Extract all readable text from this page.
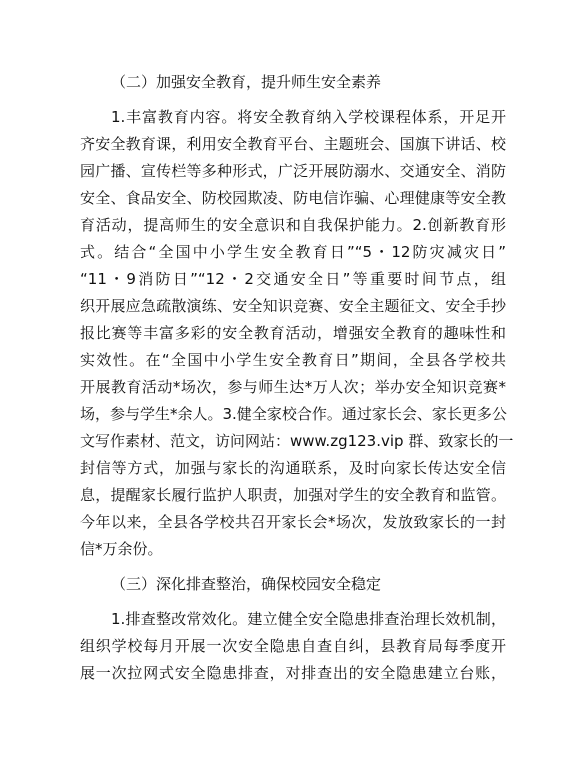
（二）加强安全教育，提升师生安全素养
1.丰富教育内容。将安全教育纳入学校课程体系，开足开
齐安全教育课，利用安全教育平台、主题班会、国旗下讲话、校
园广播、宣传栏等多种形式，广泛开展防溺水、交通安全、消防
安全、食品安全、防校园欺凌、防电信诈骗、心理健康等安全教
育活动，提高师生的安全意识和自我保护能力。2.创新教育形
式。结合“全国中小学生安全教育日”“5・12防灾减灾日”
“11・9消防日”“12・2交通安全日”等重要时间节点，组
织开展应急疏散演练、安全知识竞赛、安全主题征文、安全手抄
报比赛等丰富多彩的安全教育活动，增强安全教育的趣味性和
实效性。在“全国中小学生安全教育日”期间，全县各学校共
开展教育活动*场次，参与师生达*万人次；举办安全知识竞赛*
场，参与学生*余人。3.健全家校合作。通过家长会、家长更多公
文写作素材、范文，访问网站：www.zg123.vip 群、致家长的一
封信等方式，加强与家长的沟通联系，及时向家长传达安全信
息，提醒家长履行监护人职责，加强对学生的安全教育和监管。
今年以来，全县各学校共召开家长会*场次，发放致家长的一封
信*万余份。
（三）深化排查整治，确保校园安全稳定
1.排查整改常效化。建立健全安全隐患排查治理长效机制，
组织学校每月开展一次安全隐患自查自纠，县教育局每季度开
展一次拉网式安全隐患排查，对排查出的安全隐患建立台账，
